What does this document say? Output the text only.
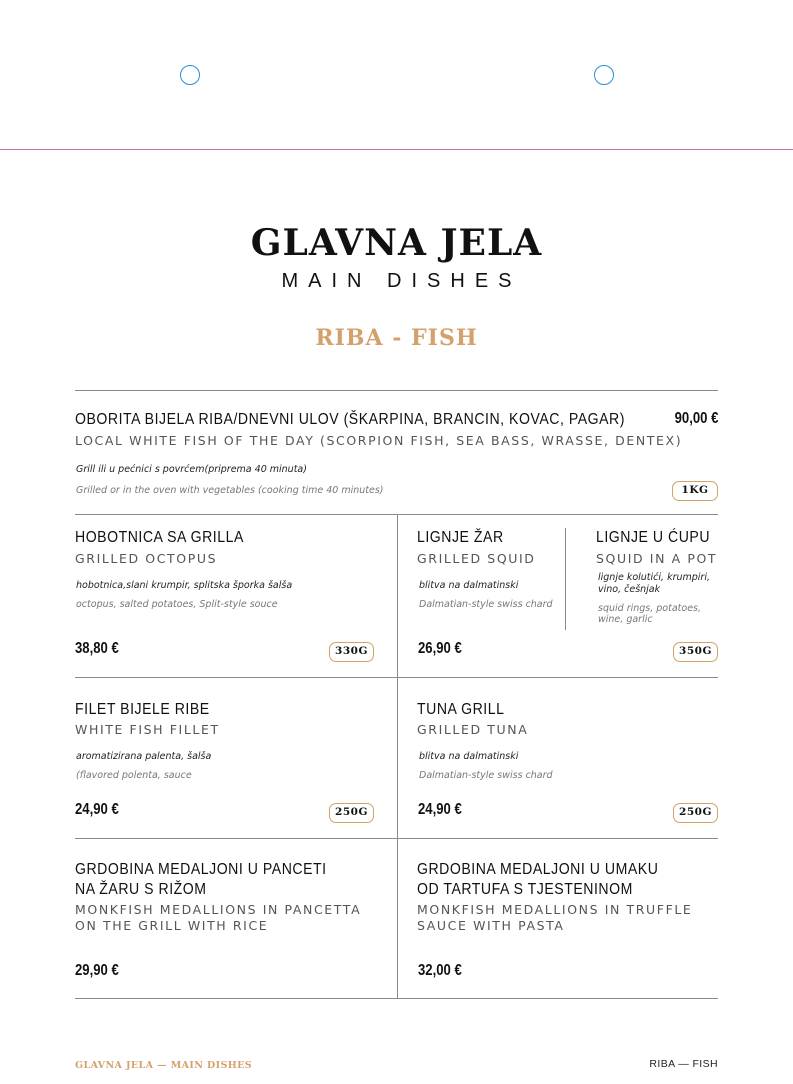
GLAVNA JELA
MAIN DISHES
RIBA - FISH
OBORITA BIJELA RIBA/DNEVNI ULOV (ŠKARPINA, BRANCIN, KOVAC, PAGAR)
LOCAL WHITE FISH OF THE DAY (SCORPION FISH, SEA BASS, WRASSE, DENTEX)
Grill ili u pećnici s povrćem(priprema 40 minuta)
Grilled or in the oven with vegetables (cooking time 40 minutes)
90,00 €
1KG
HOBOTNICA SA GRILLA
GRILLED OCTOPUS
hobotnica,slani krumpir, splitska šporka šalša
octopus, salted potatoes, Split-style souce
38,80 €	330G
LIGNJE ŽAR
GRILLED SQUID
blitva na dalmatinski
Dalmatian-style swiss chard
26,90 €
LIGNJE U ĆUPU
SQUID IN A POT
lignje kolutići, krumpiri,
vino, češnjak
squid rings, potatoes,
wine, garlic
350G
FILET BIJELE RIBE
WHITE FISH FILLET
aromatizirana palenta, šalša
(flavored polenta, sauce
24,90 €	250G
TUNA GRILL
GRILLED TUNA
blitva na dalmatinski
Dalmatian-style swiss chard
24,90 €	250G
GRDOBINA MEDALJONI U PANCETI
NA ŽARU S RIŽOM
MONKFISH MEDALLIONS IN PANCETTA
ON THE GRILL WITH RICE
29,90 €
GRDOBINA MEDALJONI U UMAKU
OD TARTUFA S TJESTENINOM
MONKFISH MEDALLIONS IN TRUFFLE
SAUCE WITH PASTA
32,00 €
GLAVNA JELA — MAIN DISHES	RIBA — FISH
